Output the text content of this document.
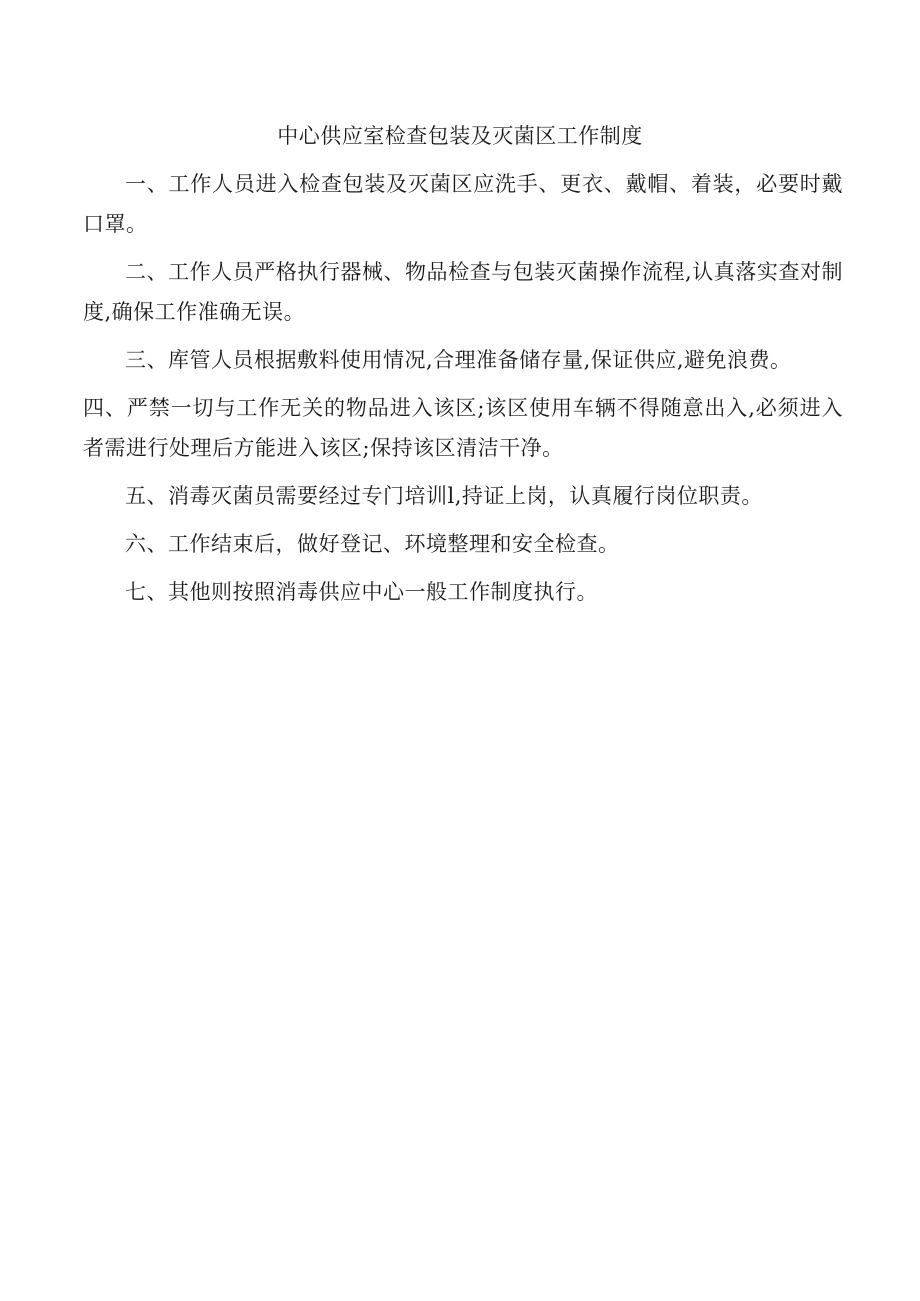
中心供应室检查包装及灭菌区工作制度

一、工作人员进入检查包装及灭菌区应洗手、更衣、戴帽、着装，必要时戴口罩。

二、工作人员严格执行器械、物品检查与包装灭菌操作流程,认真落实查对制度,确保工作准确无误。

三、库管人员根据敷料使用情况,合理准备储存量,保证供应,避免浪费。

四、严禁一切与工作无关的物品进入该区;该区使用车辆不得随意出入,必须进入者需进行处理后方能进入该区;保持该区清洁干净。

五、消毒灭菌员需要经过专门培训l,持证上岗，认真履行岗位职责。

六、工作结束后，做好登记、环境整理和安全检查。

七、其他则按照消毒供应中心一般工作制度执行。
